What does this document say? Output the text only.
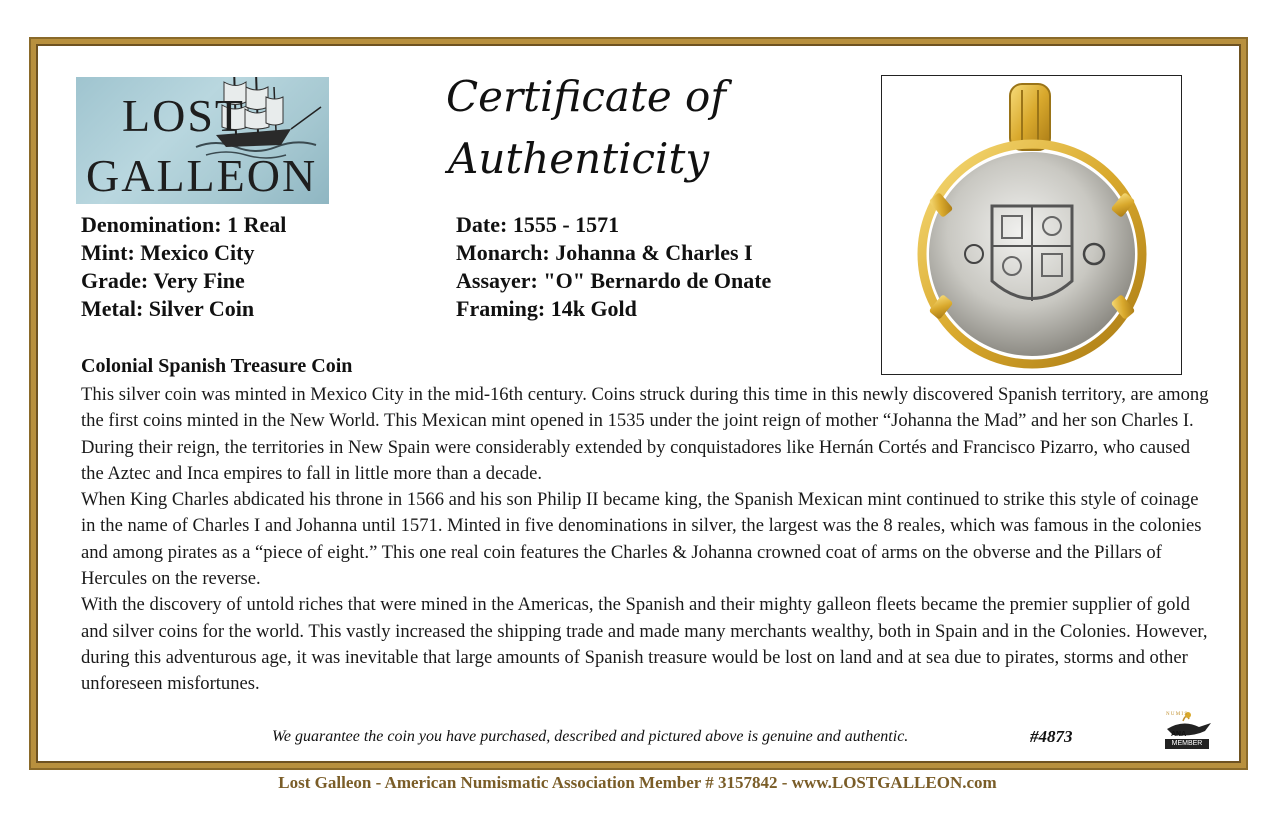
LOST
GALLEON
Certificate of
Authenticity
Denomination: 1 Real
Mint: Mexico City
Grade: Very Fine
Metal: Silver Coin
Date: 1555 - 1571
Monarch: Johanna & Charles I
Assayer: "O" Bernardo de Onate
Framing: 14k Gold
Colonial Spanish Treasure Coin

This silver coin was minted in Mexico City in the mid-16th century. Coins struck during this time in this newly discovered Spanish territory, are among the first coins minted in the New World. This Mexican mint opened in 1535 under the joint reign of mother “Johanna the Mad” and her son Charles I. During their reign, the territories in New Spain were considerably extended by conquistadores like Hernán Cortés and Francisco Pizarro, who caused the Aztec and Inca empires to fall in little more than a decade.

When King Charles abdicated his throne in 1566 and his son Philip II became king, the Spanish Mexican mint continued to strike this style of coinage in the name of Charles I and Johanna until 1571. Minted in five denominations in silver, the largest was the 8 reales, which was famous in the colonies and among pirates as a “piece of eight.” This one real coin features the Charles & Johanna crowned coat of arms on the obverse and the Pillars of Hercules on the reverse.

With the discovery of untold riches that were mined in the Americas, the Spanish and their mighty galleon fleets became the premier supplier of gold and silver coins for the world. This vastly increased the shipping trade and made many merchants wealthy, both in Spain and in the Colonies. However, during this adventurous age, it was inevitable that large amounts of Spanish treasure would be lost on land and at sea due to pirates, storms and other unforeseen misfortunes.

We guarantee the coin you have purchased, described and pictured above is genuine and authentic.	#4873
N U M I S
ANA
MEMBER
Lost Galleon - American Numismatic Association Member # 3157842 - www.LOSTGALLEON.com
